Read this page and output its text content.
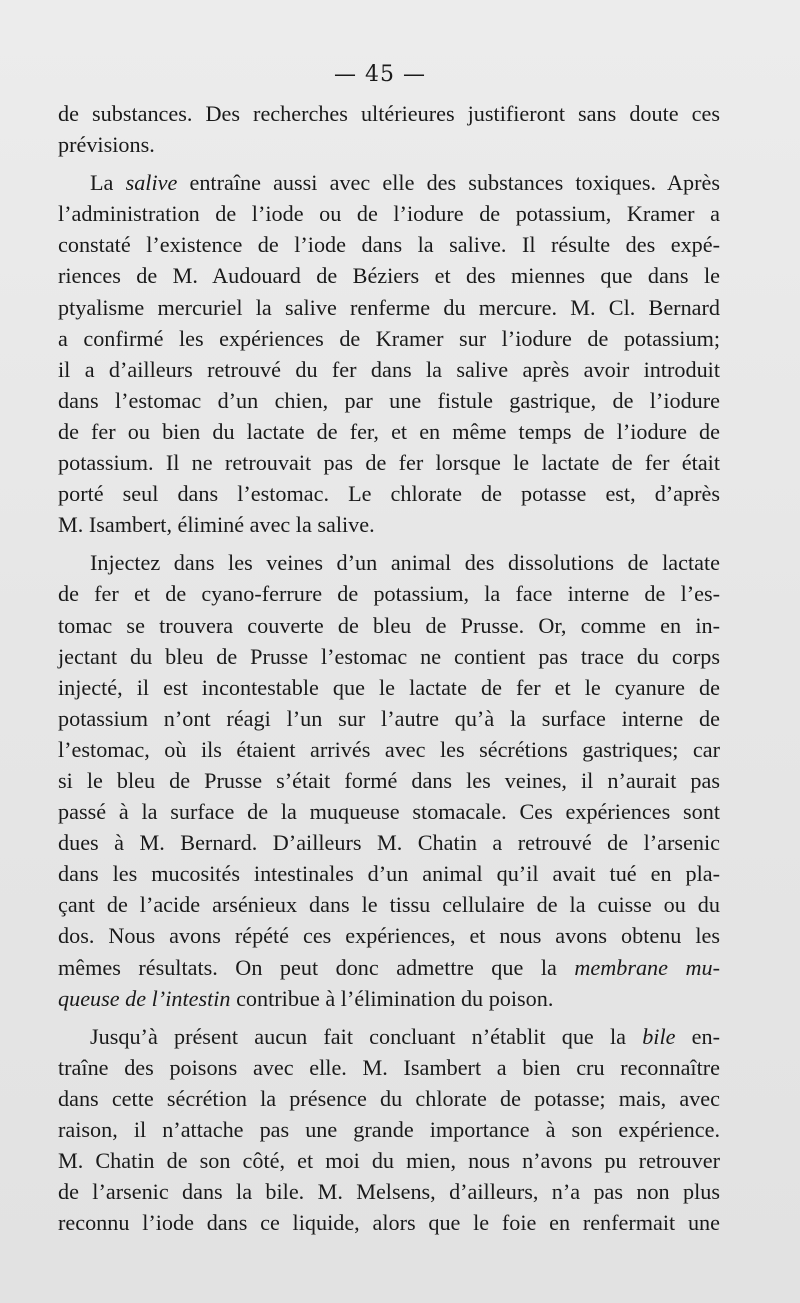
— 45 —
de substances. Des recherches ultérieures justifieront sans doute ces
prévisions.
La salive entraîne aussi avec elle des substances toxiques. Après
l’administration de l’iode ou de l’iodure de potassium, Kramer a
constaté l’existence de l’iode dans la salive. Il résulte des expé-
riences de M. Audouard de Béziers et des miennes que dans le
ptyalisme mercuriel la salive renferme du mercure. M. Cl. Bernard
a confirmé les expériences de Kramer sur l’iodure de potassium;
il a d’ailleurs retrouvé du fer dans la salive après avoir introduit
dans l’estomac d’un chien, par une fistule gastrique, de l’iodure
de fer ou bien du lactate de fer, et en même temps de l’iodure de
potassium. Il ne retrouvait pas de fer lorsque le lactate de fer était
porté seul dans l’estomac. Le chlorate de potasse est, d’après
M. Isambert, éliminé avec la salive.
Injectez dans les veines d’un animal des dissolutions de lactate
de fer et de cyano-ferrure de potassium, la face interne de l’es-
tomac se trouvera couverte de bleu de Prusse. Or, comme en in-
jectant du bleu de Prusse l’estomac ne contient pas trace du corps
injecté, il est incontestable que le lactate de fer et le cyanure de
potassium n’ont réagi l’un sur l’autre qu’à la surface interne de
l’estomac, où ils étaient arrivés avec les sécrétions gastriques; car
si le bleu de Prusse s’était formé dans les veines, il n’aurait pas
passé à la surface de la muqueuse stomacale. Ces expériences sont
dues à M. Bernard. D’ailleurs M. Chatin a retrouvé de l’arsenic
dans les mucosités intestinales d’un animal qu’il avait tué en pla-
çant de l’acide arsénieux dans le tissu cellulaire de la cuisse ou du
dos. Nous avons répété ces expériences, et nous avons obtenu les
mêmes résultats. On peut donc admettre que la membrane mu-
queuse de l’intestin contribue à l’élimination du poison.
Jusqu’à présent aucun fait concluant n’établit que la bile en-
traîne des poisons avec elle. M. Isambert a bien cru reconnaître
dans cette sécrétion la présence du chlorate de potasse; mais, avec
raison, il n’attache pas une grande importance à son expérience.
M. Chatin de son côté, et moi du mien, nous n’avons pu retrouver
de l’arsenic dans la bile. M. Melsens, d’ailleurs, n’a pas non plus
reconnu l’iode dans ce liquide, alors que le foie en renfermait une
